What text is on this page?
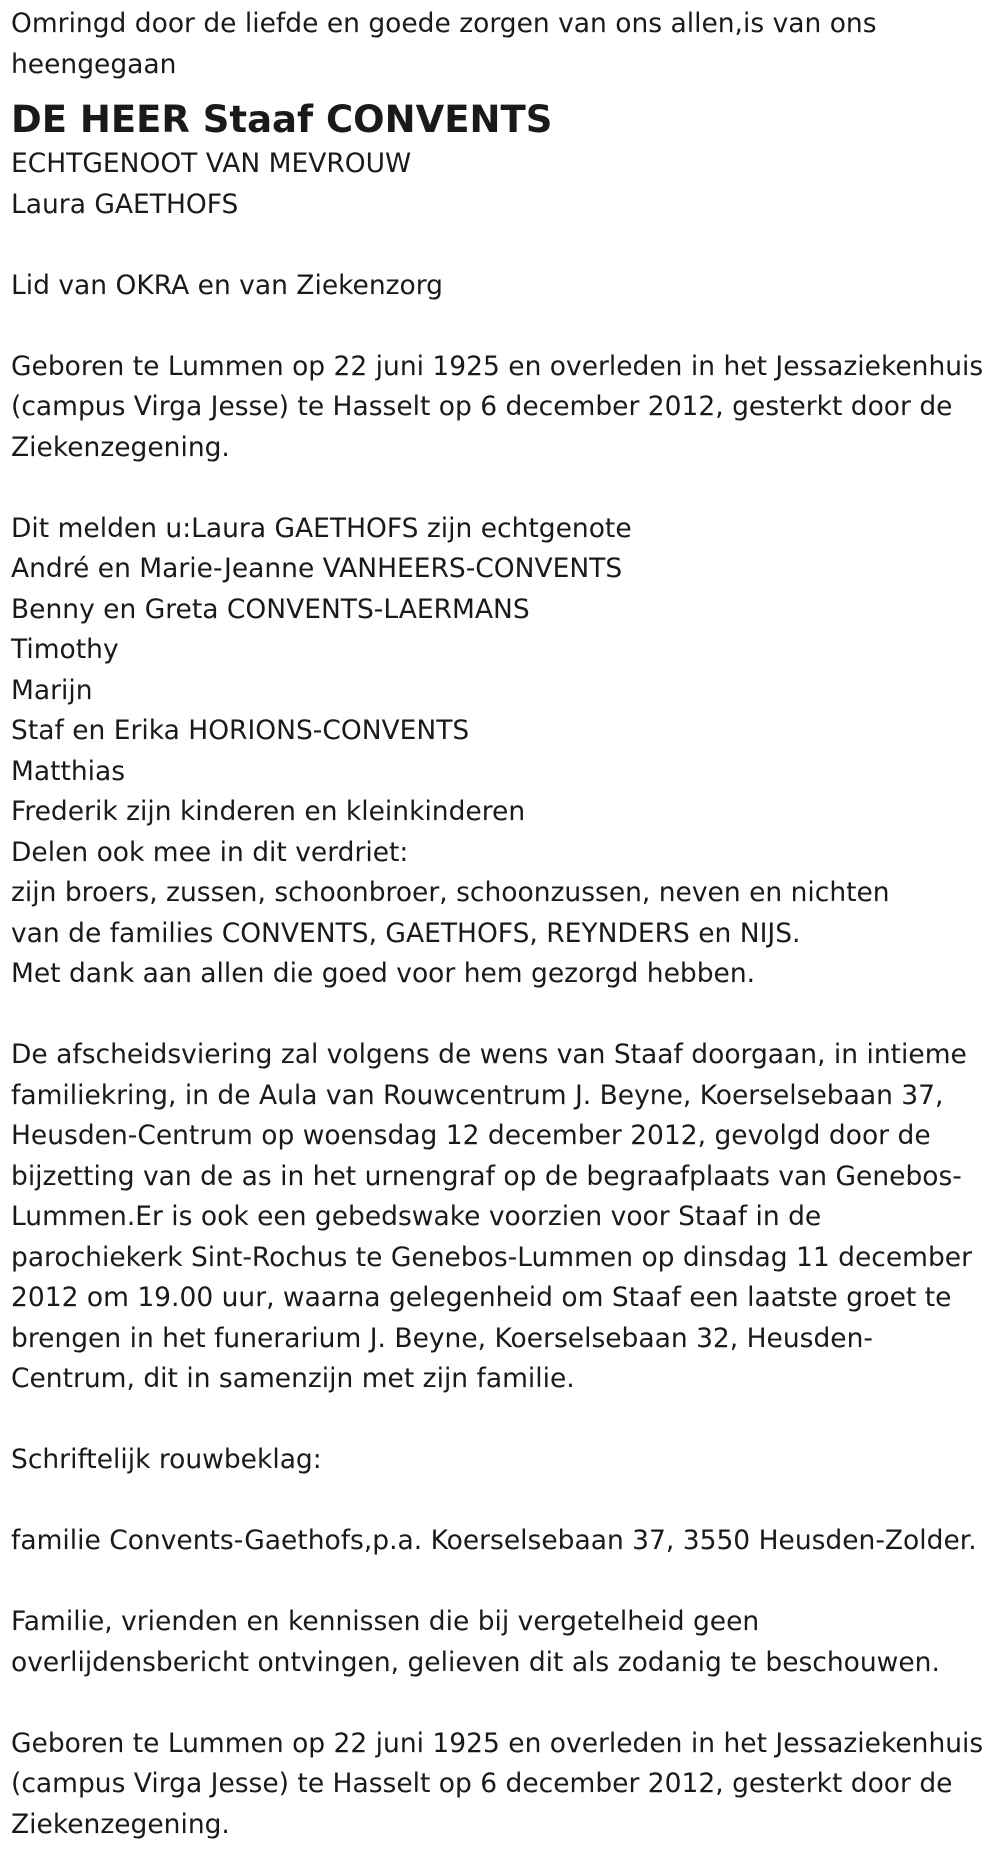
Omringd door de liefde en goede zorgen van ons allen,is van ons heengegaan

DE HEER Staaf CONVENTS

ECHTGENOOT VAN MEVROUW

Laura GAETHOFS

Lid van OKRA en van Ziekenzorg

Geboren te Lummen op 22 juni 1925 en overleden in het Jessaziekenhuis (campus Virga Jesse) te Hasselt op 6 december 2012, gesterkt door de Ziekenzegening.

Dit melden u:Laura GAETHOFS zijn echtgenote

André en Marie-Jeanne VANHEERS-CONVENTS

Benny en Greta CONVENTS-LAERMANS

Timothy

Marijn

Staf en Erika HORIONS-CONVENTS

Matthias

Frederik zijn kinderen en kleinkinderen

Delen ook mee in dit verdriet:

zijn broers, zussen, schoonbroer, schoonzussen, neven en nichten

van de families CONVENTS, GAETHOFS, REYNDERS en NIJS.

Met dank aan allen die goed voor hem gezorgd hebben.

De afscheidsviering zal volgens de wens van Staaf doorgaan, in intieme familiekring, in de Aula van Rouwcentrum J. Beyne, Koerselsebaan 37, Heusden-Centrum op woensdag 12 december 2012, gevolgd door de bijzetting van de as in het urnengraf op de begraafplaats van Genebos-Lummen.Er is ook een gebedswake voorzien voor Staaf in de parochiekerk Sint-Rochus te Genebos-Lummen op dinsdag 11 december 2012 om 19.00 uur, waarna gelegenheid om Staaf een laatste groet te brengen in het funerarium J. Beyne, Koerselsebaan 32, Heusden-Centrum, dit in samenzijn met zijn familie.

Schriftelijk rouwbeklag:

familie Convents-Gaethofs,p.a. Koerselsebaan 37, 3550 Heusden-Zolder.

Familie, vrienden en kennissen die bij vergetelheid geen overlijdensbericht ontvingen, gelieven dit als zodanig te beschouwen.

Geboren te Lummen op 22 juni 1925 en overleden in het Jessaziekenhuis (campus Virga Jesse) te Hasselt op 6 december 2012, gesterkt door de Ziekenzegening.
